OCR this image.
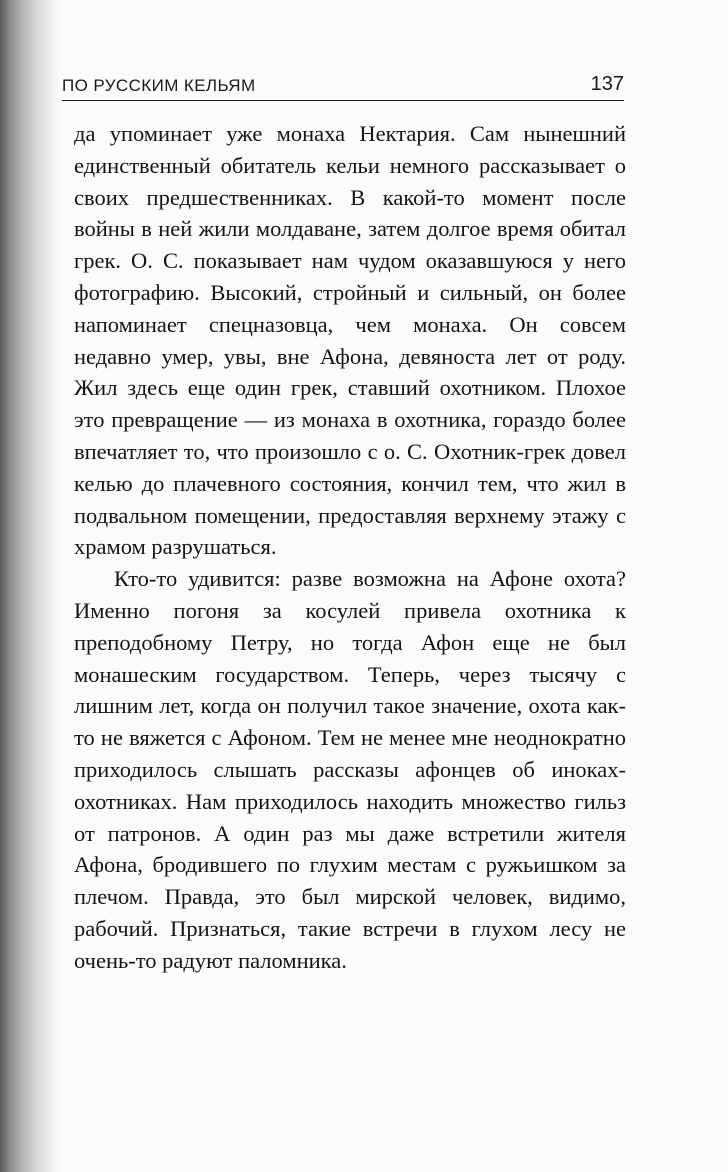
ПО РУССКИМ КЕЛЬЯМ	137

да упоминает уже монаха Нектария. Сам нынешний единственный обитатель кельи немного рассказывает о своих предшественниках. В какой-то момент после войны в ней жили молдаване, затем долгое время обитал грек. О. С. показывает нам чудом оказавшуюся у него фотографию. Высокий, стройный и сильный, он более напоминает спецназовца, чем монаха. Он совсем недавно умер, увы, вне Афона, девяноста лет от роду. Жил здесь еще один грек, ставший охотником. Плохое это превращение — из монаха в охотника, гораздо более впечатляет то, что произошло с о. С. Охотник-грек довел келью до плачевного состояния, кончил тем, что жил в подвальном помещении, предоставляя верхнему этажу с храмом разрушаться.

Кто-то удивится: разве возможна на Афоне охота? Именно погоня за косулей привела охотника к преподобному Петру, но тогда Афон еще не был монашеским государством. Теперь, через тысячу с лишним лет, когда он получил такое значение, охота как-то не вяжется с Афоном. Тем не менее мне неоднократно приходилось слышать рассказы афонцев об иноках-охотниках. Нам приходилось находить множество гильз от патронов. А один раз мы даже встретили жителя Афона, бродившего по глухим местам с ружьишком за плечом. Правда, это был мирской человек, видимо, рабочий. Признаться, такие встречи в глухом лесу не очень-то радуют паломника.
